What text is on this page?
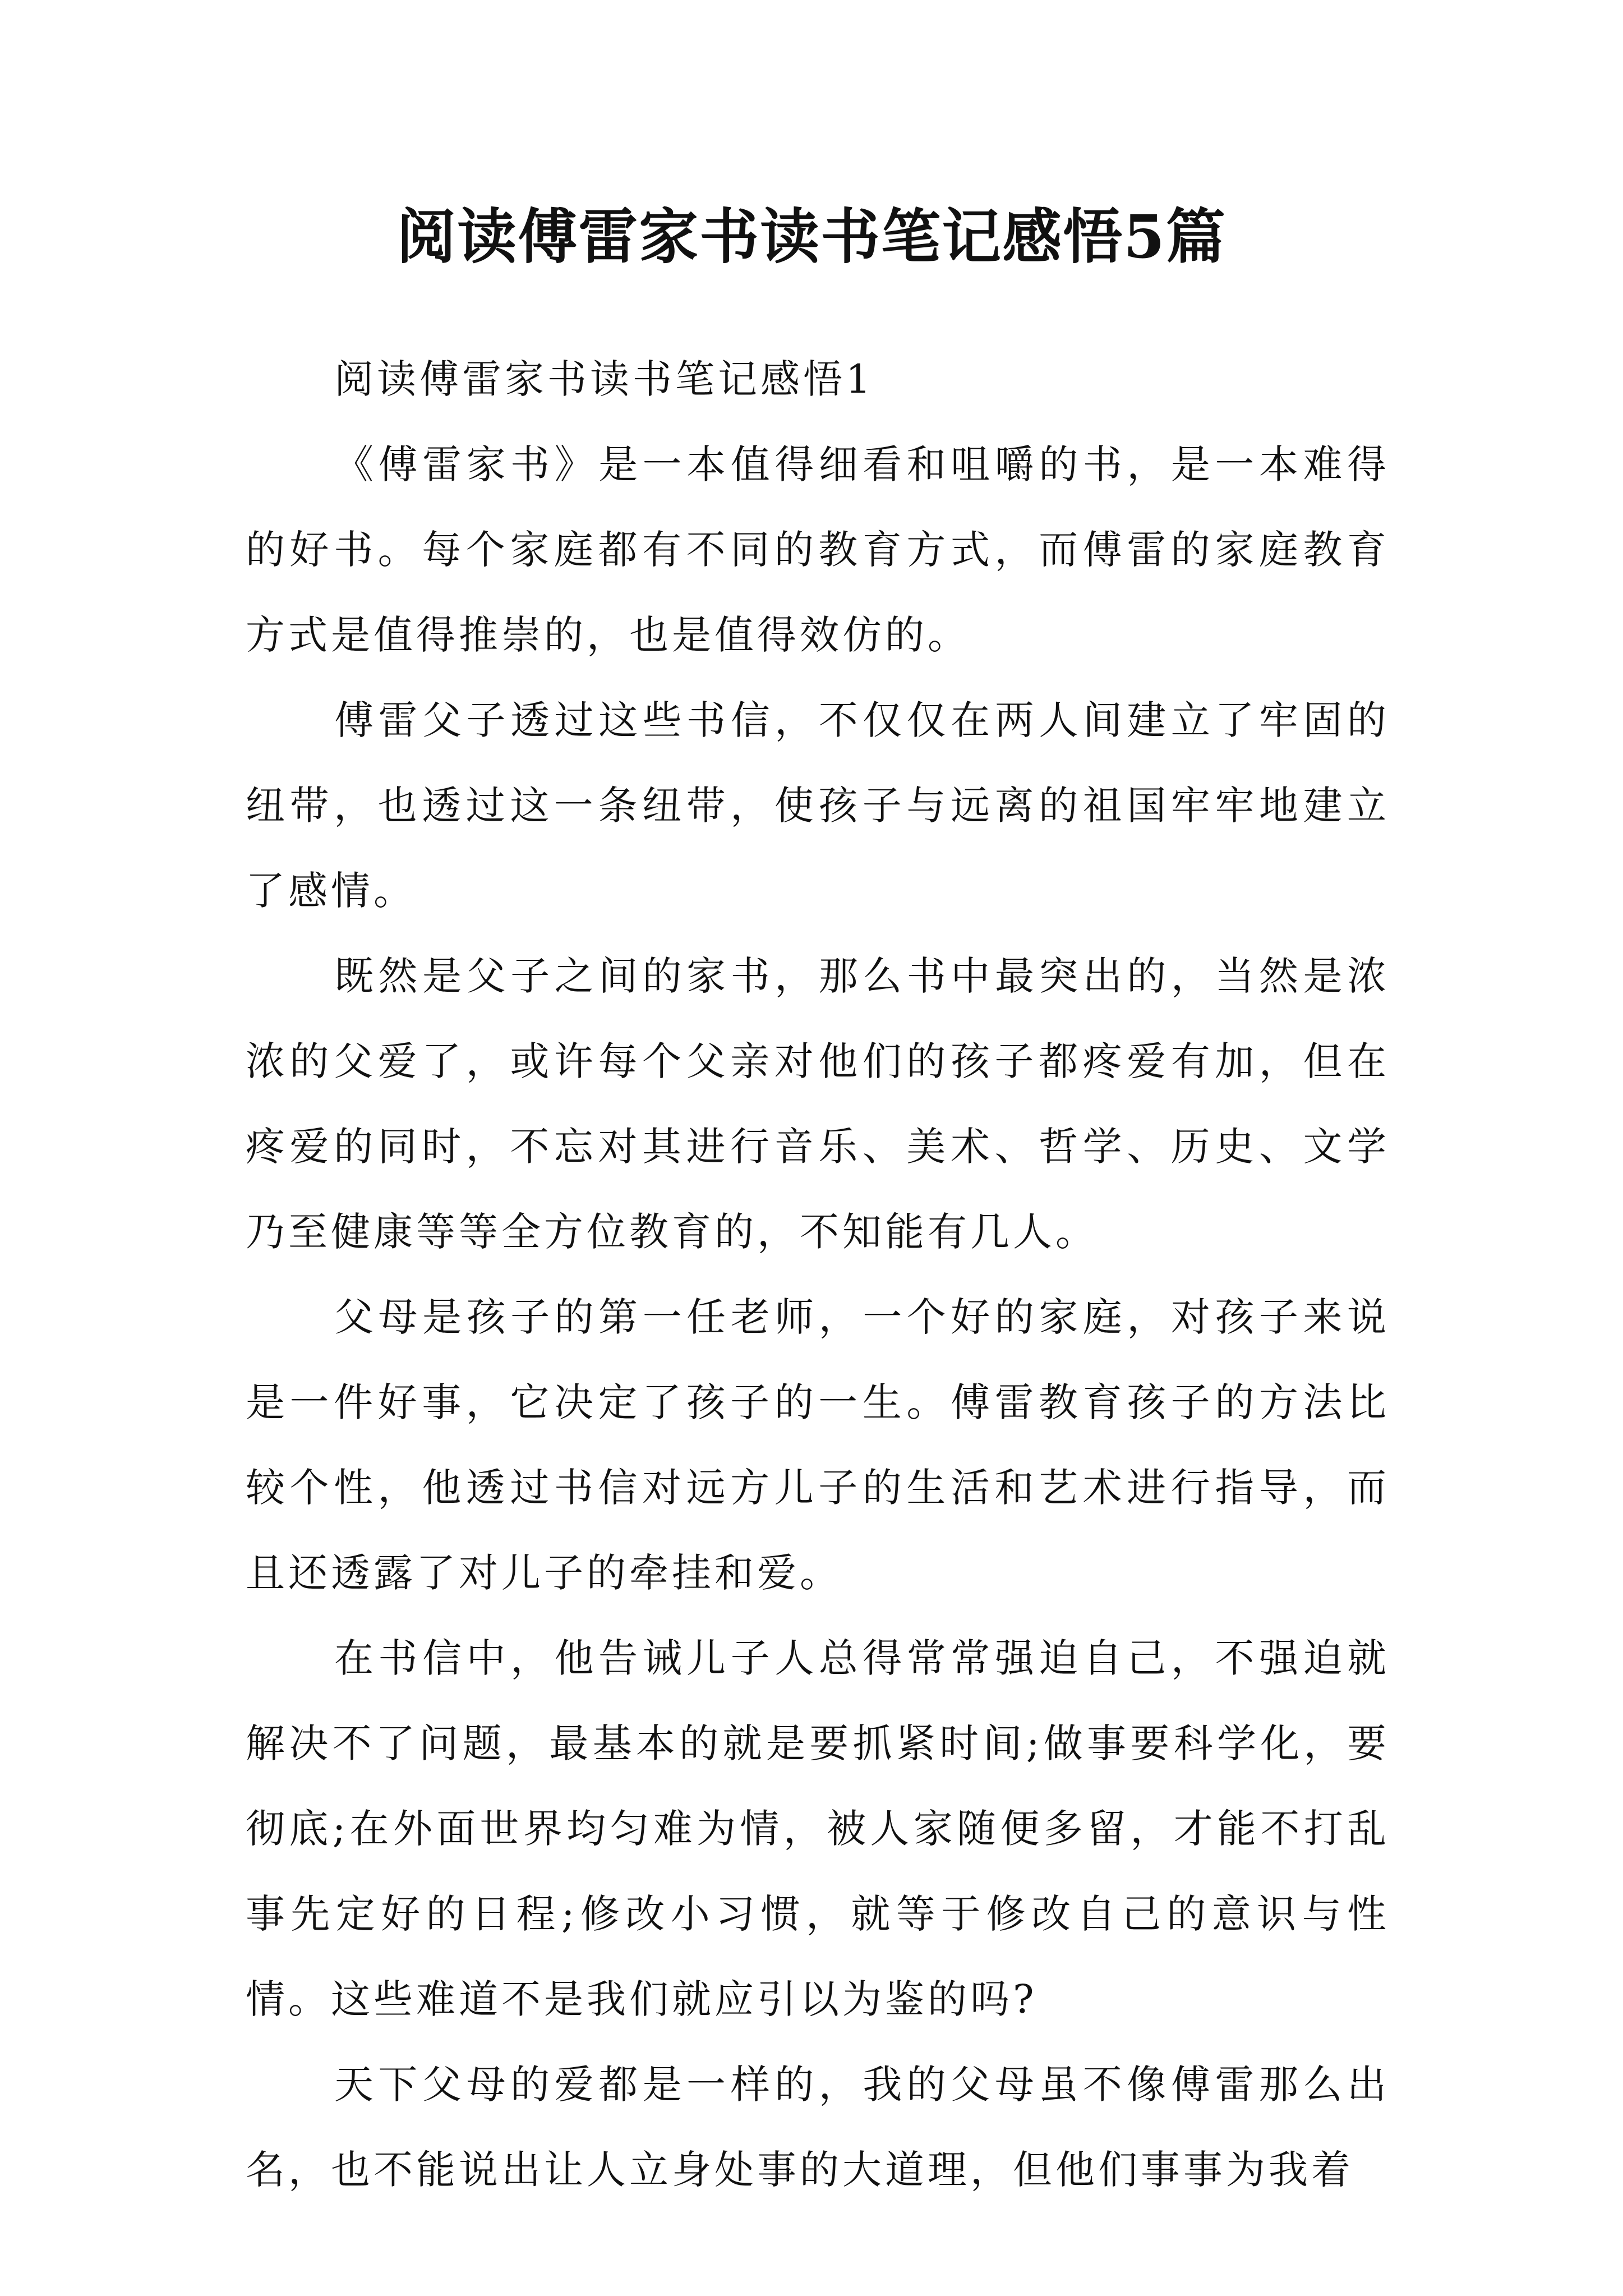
阅读傅雷家书读书笔记感悟5篇

阅读傅雷家书读书笔记感悟1

《傅雷家书》是一本值得细看和咀嚼的书，是一本难得的好书。每个家庭都有不同的教育方式，而傅雷的家庭教育方式是值得推崇的，也是值得效仿的。

傅雷父子透过这些书信，不仅仅在两人间建立了牢固的纽带，也透过这一条纽带，使孩子与远离的祖国牢牢地建立了感情。

既然是父子之间的家书，那么书中最突出的，当然是浓浓的父爱了，或许每个父亲对他们的孩子都疼爱有加，但在疼爱的同时，不忘对其进行音乐、美术、哲学、历史、文学乃至健康等等全方位教育的，不知能有几人。

父母是孩子的第一任老师，一个好的家庭，对孩子来说是一件好事，它决定了孩子的一生。傅雷教育孩子的方法比较个性，他透过书信对远方儿子的生活和艺术进行指导，而且还透露了对儿子的牵挂和爱。

在书信中，他告诫儿子人总得常常强迫自己，不强迫就解决不了问题，最基本的就是要抓紧时间;做事要科学化，要彻底;在外面世界均匀难为情，被人家随便多留，才能不打乱事先定好的日程;修改小习惯，就等于修改自己的意识与性情。这些难道不是我们就应引以为鉴的吗?

天下父母的爱都是一样的，我的父母虽不像傅雷那么出名，也不能说出让人立身处事的大道理，但他们事事为我着
